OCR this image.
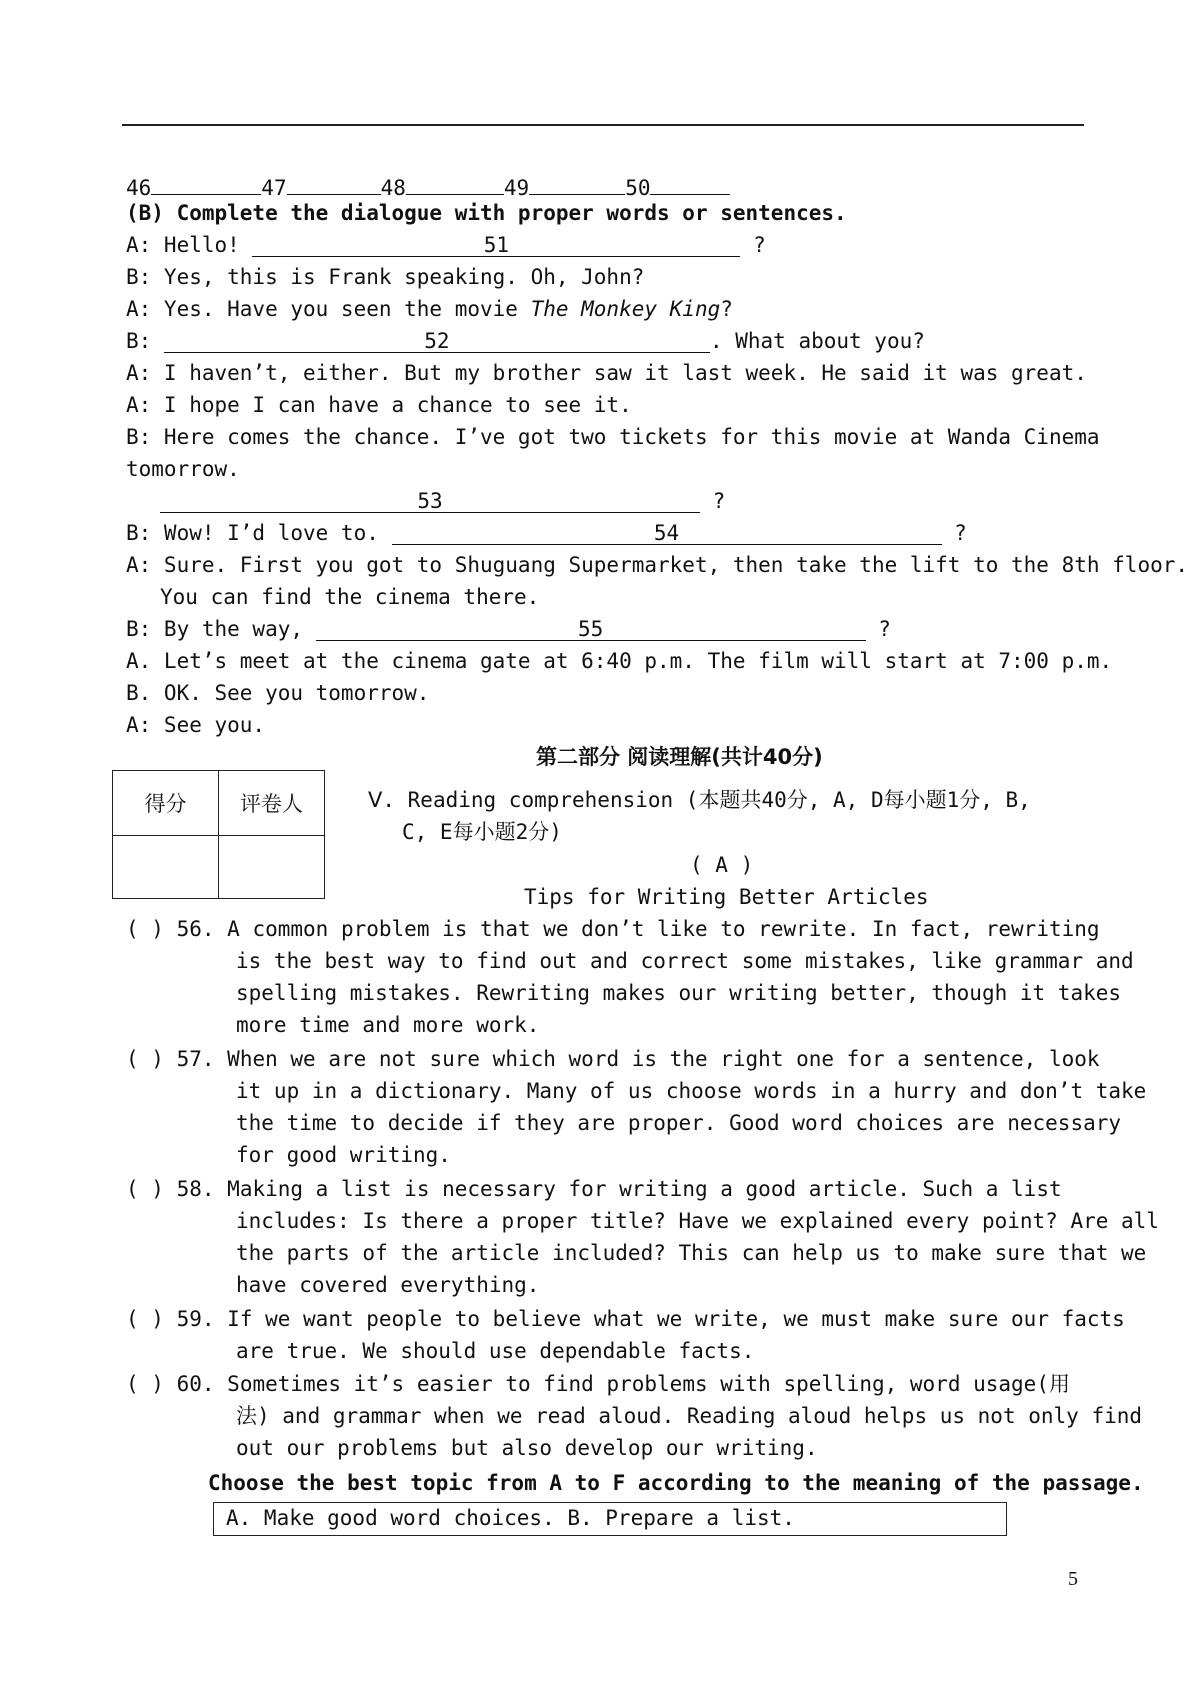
46	47	48	49	50
(B) Complete the dialogue with proper words or sentences.
A: Hello!	51	?
B: Yes, this is Frank speaking. Oh, John?
A: Yes. Have you seen the movie The Monkey King?
B:	52	. What about you?
A: I haven’t, either. But my brother saw it last week. He said it was great.
A: I hope I can have a chance to see it.
B: Here comes the chance. I’ve got two tickets for this movie at Wanda Cinema
tomorrow.
53	?
B: Wow! I’d love to.	54	?
A: Sure. First you got to Shuguang Supermarket, then take the lift to the 8th floor.
You can find the cinema there.
B: By the way,	55	?
A. Let’s meet at the cinema gate at 6:40 p.m. The film will start at 7:00 p.m.
B. OK. See you tomorrow.
A: See you.
第二部分 阅读理解(共计40分)
得分	评卷人
		Ⅴ. Reading comprehension (本题共40分, A, D每小题1分, B,
C, E每小题2分)
( A )
Tips for Writing Better Articles
( ) 56. A common problem is that we don’t like to rewrite. In fact, rewriting
is the best way to find out and correct some mistakes, like grammar and
spelling mistakes. Rewriting makes our writing better, though it takes
more time and more work.
( ) 57. When we are not sure which word is the right one for a sentence, look
it up in a dictionary. Many of us choose words in a hurry and don’t take
the time to decide if they are proper. Good word choices are necessary
for good writing.
( ) 58. Making a list is necessary for writing a good article. Such a list
includes: Is there a proper title? Have we explained every point? Are all
the parts of the article included? This can help us to make sure that we
have covered everything.
( ) 59. If we want people to believe what we write, we must make sure our facts
are true. We should use dependable facts.
( ) 60. Sometimes it’s easier to find problems with spelling, word usage(用
法) and grammar when we read aloud. Reading aloud helps us not only find
out our problems but also develop our writing.
Choose the best topic from A to F according to the meaning of the passage.
A. Make good word choices. B. Prepare a list.
5
